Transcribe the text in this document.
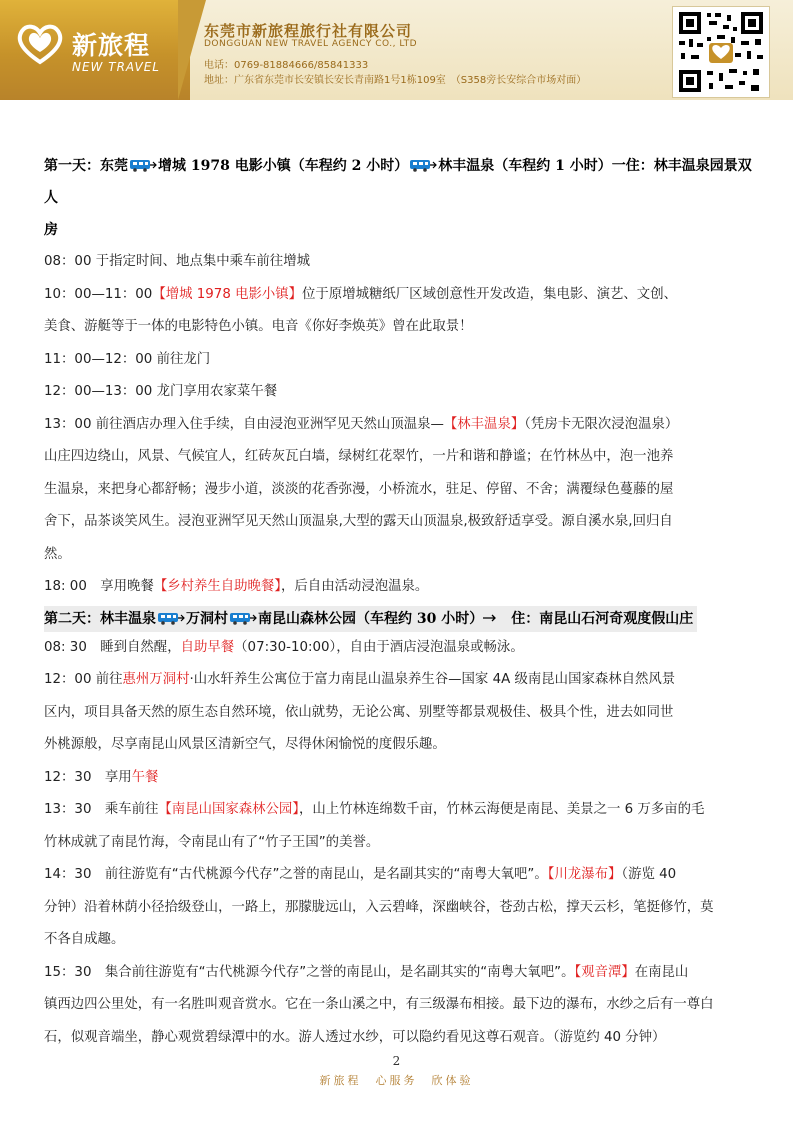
新旅程
NEW TRAVEL
东莞市新旅程旅行社有限公司
DONGGUAN NEW TRAVEL AGENCY CO., LTD
电话：0769-81884666/85841333
地址：广东省东莞市长安镇长安长青南路1号1栋109室　（S358旁长安综合市场对面）
第一天：东莞 增城 1978 电影小镇（车程约 2 小时） 林丰温泉（车程约 1 小时）一住：林丰温泉园景双人
房

08：00 于指定时间、地点集中乘车前往增城

10：00—11：00【增城 1978 电影小镇】位于原增城糖纸厂区域创意性开发改造，集电影、演艺、文创、

美食、游艇等于一体的电影特色小镇。电音《你好李焕英》曾在此取景！

11：00—12：00 前往龙门

12：00—13：00 龙门享用农家菜午餐

13：00 前往酒店办理入住手续，自由浸泡亚洲罕见天然山顶温泉—【林丰温泉】（凭房卡无限次浸泡温泉）

山庄四边绕山，风景、气候宜人，红砖灰瓦白墙，绿树红花翠竹，一片和谐和静谧；在竹林丛中，泡一池养

生温泉，来把身心都舒畅；漫步小道，淡淡的花香弥漫，小桥流水，驻足、停留、不舍；满覆绿色蔓藤的屋

舍下，品茶谈笑风生。浸泡亚洲罕见天然山顶温泉,大型的露天山顶温泉,极致舒适享受。源自溪水泉,回归自

然。

18: 00　享用晚餐【乡村养生自助晚餐】，后自由活动浸泡温泉。

第二天：林丰温泉 万洞村 南昆山森林公园（车程约 30 小时）　住：南昆山石河奇观度假山庄

08: 30　睡到自然醒，自助早餐（07:30-10:00），自由于酒店浸泡温泉或畅泳。

12：00 前往惠州万洞村·山水轩养生公寓位于富力南昆山温泉养生谷—国家 4A 级南昆山国家森林自然风景

区内，项目具备天然的原生态自然环境，依山就势，无论公寓、别墅等都景观极佳、极具个性，进去如同世

外桃源般，尽享南昆山风景区清新空气，尽得休闲愉悦的度假乐趣。

12：30　享用午餐

13：30　乘车前往【南昆山国家森林公园】，山上竹林连绵数千亩，竹林云海便是南昆、美景之一 6 万多亩的毛

竹林成就了南昆竹海，令南昆山有了“竹子王国”的美誉。

14：30　前往游览有“古代桃源今代存”之誉的南昆山，是名副其实的“南粤大氧吧”。【川龙瀑布】（游览 40

分钟）沿着林荫小径拾级登山，一路上，那朦胧远山，入云碧峰，深幽峡谷，苍劲古松，撑天云杉，笔挺修竹，莫

不各自成趣。

15：30　集合前往游览有“古代桃源今代存”之誉的南昆山，是名副其实的“南粤大氧吧”。【观音潭】在南昆山

镇西边四公里处，有一名胜叫观音赏水。它在一条山溪之中，有三级瀑布相接。最下边的瀑布，水纱之后有一尊白

石，似观音端坐，静心观赏碧绿潭中的水。游人透过水纱，可以隐约看见这尊石观音。（游览约 40 分钟）

2
新旅程　心服务　欣体验
